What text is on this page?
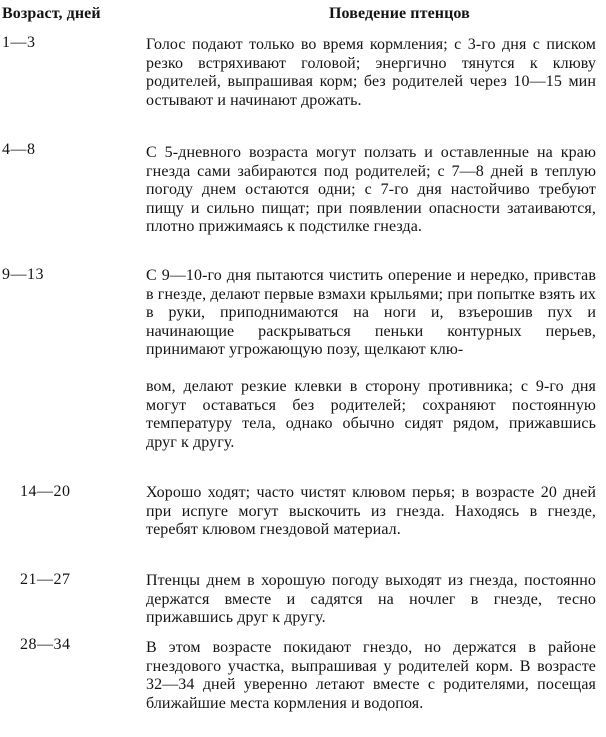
Возраст, дней	Поведение птенцов
1—3	Голос подают только во время кормления; с 3-го дня с писком резко встряхивают головой; энергично тянутся к клюву родителей, выпрашивая корм; без родителей через 10—15 мин остывают и начинают дрожать.

4—8	С 5-дневного возраста могут ползать и оставленные на краю гнезда сами забираются под родителей; с 7—8 дней в теплую погоду днем остаются одни; с 7-го дня настойчиво требуют пищу и сильно пищат; при появлении опасности затаиваются, плотно прижимаясь к подстилке гнезда.

9—13	С 9—10-го дня пытаются чистить оперение и нередко, привстав в гнезде, делают первые взмахи крыльями; при попытке взять их в руки, приподнимаются на ноги и, взъерошив пух и начинающие раскрываться пеньки контурных перьев, принимают угрожающую позу, щелкают клю-

вом, делают резкие клевки в сторону противника; с 9-го дня могут оставаться без родителей; сохраняют постоянную температуру тела, однако обычно сидят рядом, прижавшись друг к другу.

14—20	Хорошо ходят; часто чистят клювом перья; в возрасте 20 дней при испуге могут выскочить из гнезда. Находясь в гнезде, теребят клювом гнездовой материал.

21—27	Птенцы днем в хорошую погоду выходят из гнезда, постоянно держатся вместе и садятся на ночлег в гнезде, тесно прижавшись друг к другу.

28—34	В этом возрасте покидают гнездо, но держатся в районе гнездового участка, выпрашивая у родителей корм. В возрасте 32—34 дней уверенно летают вместе с родителями, посещая ближайшие места кормления и водопоя.
